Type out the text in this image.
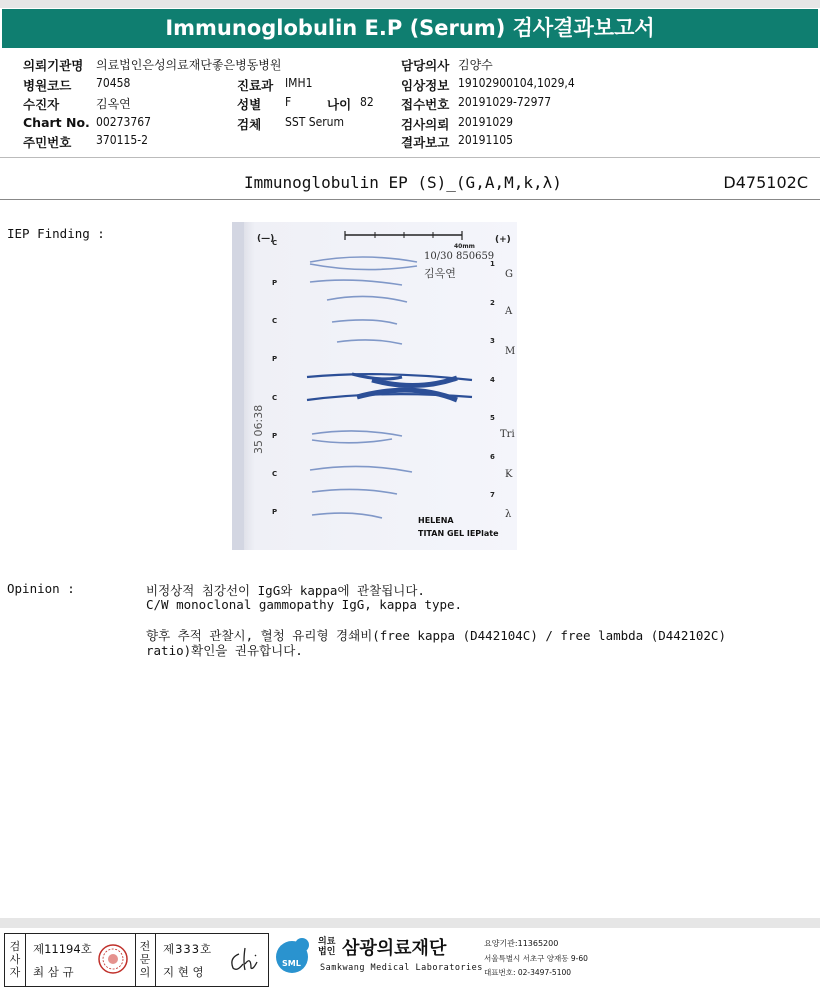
Immunoglobulin E.P (Serum) 검사결과보고서
의뢰기관명 의료법인은성의료재단좋은병동병원
병원코드 70458
수진자	김옥연
Chart No. 00273767
주민번호 370115-2
진료과 IMH1
성별 F	나이 82
검체 SST Serum
담당의사 김양수
임상정보 19102900104,1029,4
접수번호 20191029-72977
검사의뢰 20191029
결과보고 20191105
Immunoglobulin EP (S)_(G,A,M,k,λ)	D475102C
IEP Finding :	(—)	(+)
40mm
10/30 850659
김옥연
35 06:38
C
P
C
P
C
P
C
P
1
2
3
4
5
6
7
G
A
M
Tri
K
λ
HELENA
TITAN GEL IEPlate
Opinion :	비정상적 침강선이 IgG와 kappa에 관찰됩니다.
C/W monoclonal gammopathy IgG, kappa type.
향후 추적 관찰시, 혈청 유리형 경쇄비(free kappa (D442104C) / free lambda (D442102C)
ratio)확인을 권유합니다.
검
사
자
제11194호
최 삼 규
전
문
의
제333호
지 현 영
SML
의료
법인 삼광의료재단
Samkwang Medical Laboratories
요양기관:11365200
서울특별시 서초구 양재동 9-60
대표번호: 02-3497-5100
